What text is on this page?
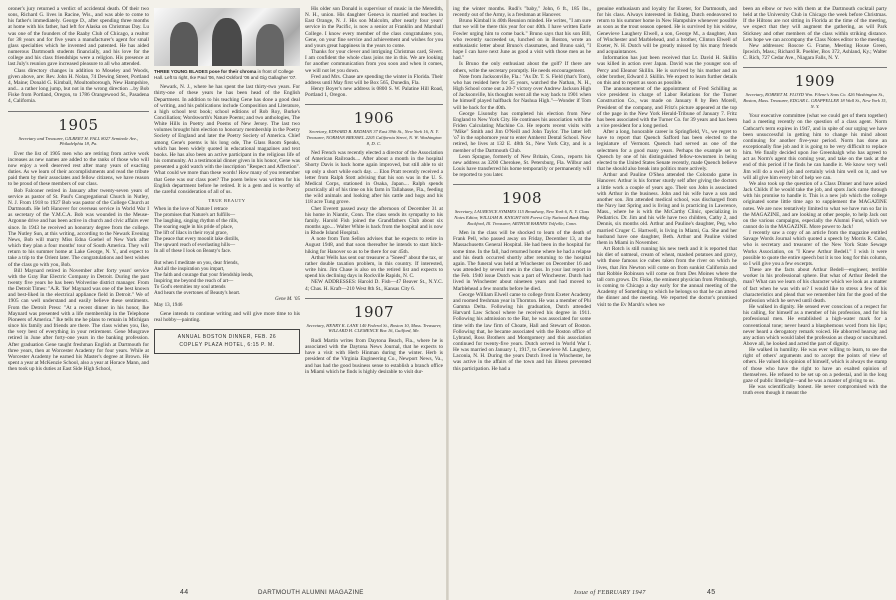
oroner's jury returned a verdict of accidental death. Of their two sons, Richard G. lives in Racine, Wis., and was able to come to his father's immediately. George D., after spending three months at home with his father, had left for Alaska on Christmas Day. Lu was one of the founders of the Raaby Club of Chicago, a realtor for 38 years and for five years a manufacturer's agent for small glass specialties which he invented and patented. He has aided numerous Dartmouth students financially, and his love for the college and his class friendships were a religion. His presence at last July's reunion gave increased pleasure to all who attended.

Class directory changes in addition to Moseley and Woods, given above, are: Rev. John H. Nolan, 74 Dewing Street, Portland 4, Maine; Donald G. Kimball, Moultonborough, New Hampshire, and... a rather long jump, but not in the wrong direction ...by Bob Fiske from Portland, Oregon, to 1786 Orangewood St., Pasadena 4, California.

1905
Secretary and Treasurer, GILBERT H. FALL 8027 Seminole Ave., Philadelphia 18, Pa.

Ever the list of 1905 men who are retiring from active work increases as new names are added to the ranks of those who will now enjoy a well deserved rest after many years of exacting duties. As we learn of their accomplishments and read the tribute paid them by their associates and fellow citizens, we have reason to be proud of these members of our class.

Bob Falconer retired in January after twenty-seven years of service as pastor of St. Paul's Congregational Church in Nutley, N. J. From 1918 to 1927 Bob was pastor of the College Church at Dartmouth. He left Hanover for overseas service in World War I as secretary of the Y.M.C.A. Bob was wounded in the Meuse-Argonne drive and has been active in church and civic affairs ever since. In 1943 he received an honorary degree from the college. The Nutley Sun, at this writing, according to the Newark Evening News, Bob will marry Miss Edna Goebel of New York after which they plan a four months' tour of South America. They will return to his summer home at Lake George, N. Y., and expect to take a trip to the Orient later. The congratulations and best wishes of the class go with you, Bob.

Bill Maynard retired in November after forty years' service with the Gray Bar Electric Company in Detroit. During the past twenty five years he has been Wolverine district manager. From the Detroit Times: "A.R. 'Ike' Maynard was one of the best known and best-liked in the electrical appliance field in Detroit." We of 1905 can well understand and easily believe these sentiments. From the Detroit Press: "At a recent dinner in his honor, Ike Maynard was presented with a life membership in the Telephone Pioneers of America." Ike tells me he plans to remain in Michigan since his family and friends are there. The class wishes you, Ike, the very best of everything in your retirement. Gene Musgrave retired in June after forty-one years in the banking profession. After graduation Gene taught freshman English at Dartmouth for three years, then at Worcester Academy for four years. While at Worcester Academy he earned his Master's degree at Brown. He spent a year at McKenzie School, also a year at Horace Mann, and then took up his duties at East Side High School,

THREE YOUNG BLADES pose for their chroma in front of College Hall. Left to right, Ike Paul '06, Ned Ockford '06 and Gig Gallagher '07.

Newark, N. J., where he has spent the last thirty-two years. For thirty-one of these years he has been head of the English Department. In addition to his teaching Gene has done a good deal of writing, and his publications include Composition and Literature, a high school text book; school editions of Rob Roy, Burke's Conciliation; Wordsworth's Nature Poems; and two anthologies, The White Hills in Poetry and Poems of New Jersey. The last two volumes brought him election to honorary membership in the Poetry Society of England and later the Poetry Society of America. Chief among Gene's poems is his long ode, The Glass Room Speaks, which has been widely quoted in educational magazines and text books. He has also been an active participant in the religious life of his community. At a testimonial dinner given in his honor, Gene was presented a gold watch with the inscription "Respect and Affection". What could we more than these words! How many of you remember that Gene was our class poet? The poem below was written for his English department before he retired. It is a gem and is worthy of the careful consideration of all of us.

TRUE BEAUTY
When in the love of Nature I retrace
The promises that Nature's art fulfills—
The laughing, singing rhythm of the rills,
The soaring eagle in his pride of place,
The lift of lilacs in their royal grace,
The peace that every moonlit lake distills,
The upward reach of everlasting hills—
In all of these I look on Beauty's face.

But when I meditate on you, dear friends,
And all the inspiration you impart,
The faith and courage that your friendship lends,
Inspiring me beyond the reach of art—
To God's eternities my soul attends
And hears the overtones of Beauty's heart.
Gene M. '05
May 13, 1946

Gene intends to continue writing and will give more time to his real hobby—painting.

ANNUAL BOSTON DINNER, FEB. 26
COPLEY PLAZA HOTEL, 6:15 P. M.

His older son Donald is supervisor of music in the Meredith, N. H., union. His daughter Geneva is married and teaches in East Orange, N. J. His son Malcolm, after nearly four years' service in the Pacific, is now a senior at Franklin and Marshall College. I know every member of the class congratulates you, Gene, on your fine service and achievement and wishes for you and yours great happiness in the years to come.

Thanks for your clever and intriguing Christmas card, Sivert. I am confident the whole class joins me in this. We are looking for another communication from you soon and when it comes, we will not let you down.

Fred and Mrs. Chase are spending the winter in Florida. Their address until May first will be Box 565, Dunedin, Fla.

Henry Boyer's new address is 0800 S. W. Palatine Hill Road, Portland 1, Oregon.

1906
Secretary, EDWARD B. REDMAN 37 East 39th St., New York 16, N. Y. Treasurer, NORMAN BRESSEL 2205 California Street, N. W. Washington 8, D. C.

Ned French was recently elected a director of the Association of American Railroads.... After about a month in the hospital Shorty Davis is back home again improved, but still able to sit up only a short while each day. ... Elon Pratt recently received a letter from Ralph Stott advising that his son was in the U. S. Medical Corps, stationed in Osaka, Japan.... Ralph spends practically all of his time on his farm in Tallahasse, Fla., feeding the wild animals and looking after his cattle and hogs and his 118 acre Tung grove.

Chet Everett passed away the afternoon of December 31 at his home in Niantic, Conn. The class sends its sympathy to his family. Harold Fish joined the Grandfathers Club about six months ago.... Walter White is back from the hospital and is now in Rhode Island Hospital.

A note from Tom Sellon advises that he expects to retire in August 1948, and that soon thereafter he intends to start hitch-hiking for Hanover so as to be there for our 45th.

Arthur Wells has sent our treasurer a "Sneed" about the tax, or rather double taxation problem, in this country. If interested, write him. Jim Chase is also on the retired list and expects to spend his declining days in Rockville Rapids, N. C.

NEW ADDRESSES: Harold D. Fish—47 Beaver St., N.Y.C. 4; Chas. H. Kraft—210 West 8th St., Kansas City 6.

1907
Secretary, HENRY K. LANE 140 Federal St., Boston 10, Mass. Treasurer, WILLARD H. CLEMENCE Box 16, Guilford, Me.

Rudi Martin writes from Daytona Beach, Fla., where he is associated with the Daytona News Journal, that he expects to have a visit with Herb Hinman during the winter. Herb is president of the Virginia Engineering Co., Newport News, Va., and has had the good business sense to establish a branch office in Miami which he finds is highly desirable to visit dur-

44	DARTMOUTH ALUMNI MAGAZINE

ing the winter months. Rudi's "baby," John, 6 ft., 185 lbs., recently out of the Army, is a freshman at Hanover.

Bruno Kimball is 40th Reunion minded. He writes, "I am sure that we will be there this year for our 40th. I have written Earle Fowler urging him to come back." Bruno says that his son Bill, who recently succeeded us, lunched on in Boston, wrote an enthusiastic letter about Bruno's classmates, and Bruno said, "I hope I can have next June as good a visit with those men as he had."

Is Bruno the only enthusiast about the golf? If there are others, write the secretary promptly. He needs encouragement.

Note from Jacksonville, Fla.: "As Dr. T. S. Field (that's Tom), who has resided here for 35 years, watched the Nathan, N. H., High School come out a 20-7 victory over Andrew Jackson High of Jacksonville, his thoughts went all the way back to 1901 when he himself played halfback for Nashua High."—Wonder if Tom will be back for the 40th.

George Lisonsby has completed his election from New England to New York City. He continues his association with the Friden Calculating Machine Co. He reports recent visits with "Mike" Smith and Jim O'Neill and John Taylor. The latter left 'o7 in the sophomore year to enter Amherst Dental School. Now retired, he lives at 132 E. 48th St., New York City, and is a member of the Dartmouth Club.

Leon Sprague, formerly of New Britain, Conn., reports his new address as 3200 Cherokee, St. Petersburg, Fla. Wilbur and Louis have transferred his home temporarily or permanently will be reported to you later.

1908
Secretary, LAURENCE SYMMES 115 Broadway, New York 6, N. Y. Class Notes Editor, WILLIAM B. KNIGHT 600 Forest City National Bank Bldg. Rockford, Ill. Treasurer, ARTHUR BARNES Tolfville, Conn.

Men in the class will be shocked to learn of the death of Frank Pell, who passed away on Friday, December 13, at the Massachusetts General Hospital. He had been in the hospital for some time. In the fall, had returned home where he had a relapse and his death occurred shortly after returning to the hospital again. The funeral was held at Winchester on December 16 and was attended by several men in the class. In your last report in the Feb. 1940 issue Dutch was a part of Winchester. Dutch had lived in Winchester about nineteen years and had moved to Marblehead a few months before he died.

George William Elwell came to college from Exeter Academy and roomed freshman year in Thornton. He was a member of Phi Gamma Delta. Following his graduation, Dutch attended Harvard Law School where he received his degree in 1911. Following his admission to the Bar, he was associated for some time with the law firm of Choate, Hall and Stewart of Boston. Following that, he became associated with the Boston office of Lybrand, Ross Brothers and Montgomery and this association continued for twenty-five years. Dutch served in World War I. He was married on January 1, 1917, to Genevieve M. Laughery, Laconia, N. H. During the years Dutch lived in Winchester, he was active in the affairs of the town and his illness prevented this participation. He had a

genuine enthusiasm and loyalty for Exeter, for Dartmouth, and for his class. Always interested in fishing, Dutch endeavored to return to his summer home in New Hampshire whenever possible as soon as the trout season opened. He is survived by his widow, Genevieve Laughery Elwell, a son, George M., a daughter, Ann of Winchester and Marblehead, and a brother, Clinton Elwell of Exeter, N. H. Dutch will be greatly missed by his many friends and acquaintances.

Information has just been received that Lt. David H. Skillin was killed in action over Japan. David was the younger son of Percy and Eleanor Skillin. He is survived by his mother and an older brother, Edward J. Skillin. We expect to learn further details on this and to report as soon as possible.

The announcement of the appointment of Fred Schilling as vice president in charge of Labor Relations for the Turner Construction Co., was made on January 8 by Ben Morell, President of the company, and Fritz's picture appeared at the top of the page in the New York Herald-Tribune of January 7. Fritz has been associated with the Turner Co. for 39 years and has been a vice president for a long period.

After a long, honorable career in Springfield, Vt., we regret to have to report that Quench Safford has been elected to the legislature of Vermont. Quench had served as one of the selectmen for a good many years. Perhaps the example set to Quench by one of his distinguished fellow-townsmen in being elected to the United States Senate recently, made Quench believe that he should also break into politics more actively.

Arthur and Pauline O'Shea attended the Colorado game in Hanover. Arthur is his former sturdy self after giving the doctors a little work a couple of years ago. Their son John is associated with Arthur in the business. John and his wife have a son and another son. Jim attended medical school, was discharged from the Navy last Spring and is living and is practicing in Lawrence, Mass., where he is with the McCarthy Clinic, specializing in Pediatrics. Dr. Jim and his wife have two children, Cathy 2, and Dennis, six months old. Arthur and Pauline's daughter, Peg, who married Cruger C. Hartwell, is living in Miami, Ga. She and her husband have one daughter, Beth. Arthur and Pauline visited them in Miami in November.

Art Rotch is still running his new teeth and it is reported that his diet of oatmeal, cream of wheat, mashed potatoes and gravy, with those famous ice cubes taken from the river on which he lives, that Jim Newton will come on from sunkist California and that Robbie Robinson will come on from Des Moines where the tall corn grows. Dr. Fiske, the eminent physician from Pittsburgh, is coming to Chicago a day early for the annual meeting of the Academy of Something to which he belongs so that he can attend the dinner and the meeting. We reported the doctor's promised visit to the Ev Marsh's when we

been an elbow or two with them at the Dartmouth cocktail party held at the University Club in Chicago the week before Christmas. If the Hiltons are not sitting in Florida at the time of the meeting, we expect that they will augment the gathering, as will Park Stickney and other members of the class within striking distance. Lets hope we can accompany the Class Notes editor to the meeting.

New addresses: Roscoe G. Frame, Meeting House Green, Ipswich, Mass.; Richard R. Poehler, Box 372, Ashland, Ky.; Walter C. Rich, 727 Cedar Ave., Niagara Falls, N. Y.

1909
Secretary, ROBERT M. FLOYD Wm. Filene's Sons Co. 426 Washington St., Boston, Mass. Treasurer, EDGAR L. GRAPPELLER 18 Wall St., New York 15, N. Y.

Your executive committee (what we could get of them together) had a meeting recently on the question of a class agent. Norm Cathcart's term expires in 1947, and in spite of our urging we have been unsuccessful in getting him to change his mind about continuing for another five-year period. Norm has done an exceptionally fine job and it is going to be very difficult to replace him. We finally decided upon Joe Greenhalgh who has agreed to act as Norm's agent this coming year, and take on the task at the end of this period if he finds he can handle it. We know very well Jim will do a swell job and certainly wish him well on it, and we will all give him every bit of help we can.

We also took up the question of a Class Dinner and have asked Jack Childs if he would take the job, and spots Jack came through with his promise to handle it. This is a new job which the college originated some little time ago to supplement the MAGAZINE notes. We are now tentatively limited to what we have run so far in the MAGAZINE, and are looking at other people, to help Jack out on the various campaigns, especially the Alumni Fund, which we cannot do in the MAGAZINE. More power to Jack!

I recently saw a copy of an article from the magazine entitled Savage Words Journal which quoted a speech by Morris R. Cohn, who is secretary and treasurer of the New York State Sewage Works Association, on "I Knew Arthur Bedell." I wish it were possible to quote the entire speech but it is too long for this column, so I will give you a few excerpts.

These are the facts about Arthur Bedell—engineer, terrible worker in his professional sphere. But what of Arthur Bedell the man? What can we learn of his character which we look as a matter of fact when he was with us? I would like to stress a few of his characteristics and plead that we remember him for the good of the profession which he served until death.

He walked in dignity. He sensed ever conscious of a respect for his calling, for himself as a member of his profession, and for his professional men. He established a high-water mark for a conventional tone; never heard a blasphemous word from his lips; never heard a derogatory remark voiced. He abhorred hearsay and any action which would label the profession as cheap or uncultured. Above all, he looked and acted the part of dignity.

He walked in humility. He was ever willing to learn, to see the right of others' arguments and to accept the points of view of others. He valued his opinion of himself, which is always the stamp of those who have the right to have an exalted opinion of themselves. He refused to be set up on a pedestal, and in the long gaze of public limelight—and he was a master of giving to us.

He was scientifically honest. He never compromised with the truth even though it meant the

Issue of FEBRUARY 1947	45
